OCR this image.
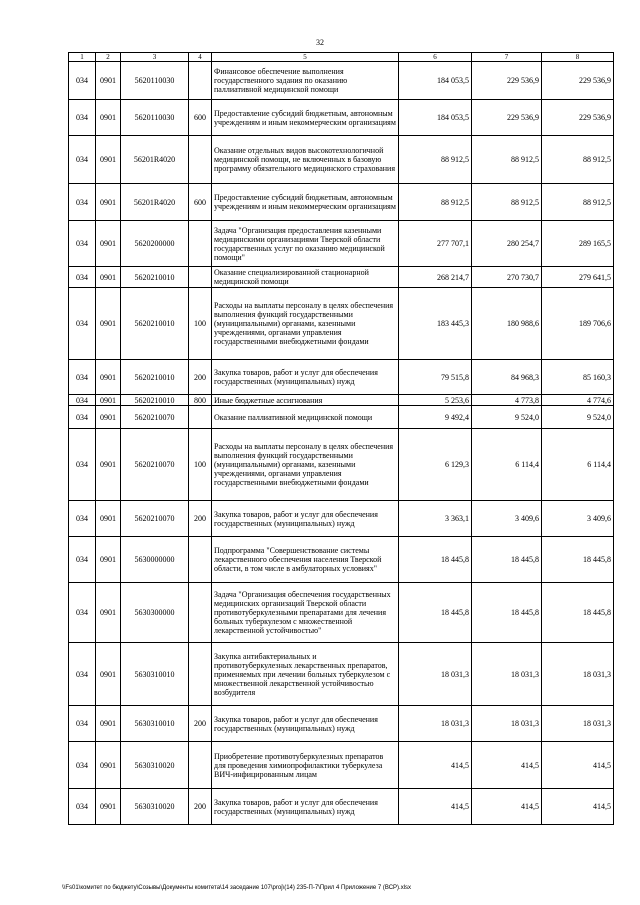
32
1	2	3	4	5	6	7	8
034	0901	5620110030		Финансовое обеспечение выполнения государственного задания по оказанию паллиативной медицинской помощи	184 053,5	229 536,9	229 536,9
034	0901	5620110030	600	Предоставление субсидий бюджетным, автономным учреждениям и иным некоммерческим организациям	184 053,5	229 536,9	229 536,9
034	0901	56201R4020		Оказание отдельных видов высокотехнологичной медицинской помощи, не включенных в базовую программу обязательного медицинского страхования	88 912,5	88 912,5	88 912,5
034	0901	56201R4020	600	Предоставление субсидий бюджетным, автономным учреждениям и иным некоммерческим организациям	88 912,5	88 912,5	88 912,5
034	0901	5620200000		Задача "Организация предоставления казенными медицинскими организациями Тверской области государственных услуг по оказанию медицинской помощи"	277 707,1	280 254,7	289 165,5
034	0901	5620210010		Оказание специализированной стационарной медицинской помощи	268 214,7	270 730,7	279 641,5
034	0901	5620210010	100	Расходы на выплаты персоналу в целях обеспечения выполнения функций государственными (муниципальными) органами, казенными учреждениями, органами управления государственными внебюджетными фондами	183 445,3	180 988,6	189 706,6
034	0901	5620210010	200	Закупка товаров, работ и услуг для обеспечения государственных (муниципальных) нужд	79 515,8	84 968,3	85 160,3
034	0901	5620210010	800	Иные бюджетные ассигнования	5 253,6	4 773,8	4 774,6
034	0901	5620210070		Оказание паллиативной медицинской помощи	9 492,4	9 524,0	9 524,0
034	0901	5620210070	100	Расходы на выплаты персоналу в целях обеспечения выполнения функций государственными (муниципальными) органами, казенными учреждениями, органами управления государственными внебюджетными фондами	6 129,3	6 114,4	6 114,4
034	0901	5620210070	200	Закупка товаров, работ и услуг для обеспечения государственных (муниципальных) нужд	3 363,1	3 409,6	3 409,6
034	0901	5630000000		Подпрограмма "Совершенствование системы лекарственного обеспечения населения Тверской области, в том числе в амбулаторных условиях"	18 445,8	18 445,8	18 445,8
034	0901	5630300000		Задача "Организация обеспечения государственных медицинских организаций Тверской области противотуберкулезными препаратами для лечения больных туберкулезом с множественной лекарственной устойчивостью"	18 445,8	18 445,8	18 445,8
034	0901	5630310010		Закупка антибактериальных и противотуберкулезных лекарственных препаратов, применяемых при лечении больных туберкулезом с множественной лекарственной устойчивостью возбудителя	18 031,3	18 031,3	18 031,3
034	0901	5630310010	200	Закупка товаров, работ и услуг для обеспечения государственных (муниципальных) нужд	18 031,3	18 031,3	18 031,3
034	0901	5630310020		Приобретение противотуберкулезных препаратов для проведения химиопрофилактики туберкулеза ВИЧ-инфицированным лицам	414,5	414,5	414,5
034	0901	5630310020	200	Закупка товаров, работ и услуг для обеспечения государственных (муниципальных) нужд	414,5	414,5	414,5
\\Fs01\комитет по бюджету\Созывы\Документы комитета\14 заседание 107\proj\(14) 235-П-7\Прил 4 Приложение 7 (ВСР).xlsx
